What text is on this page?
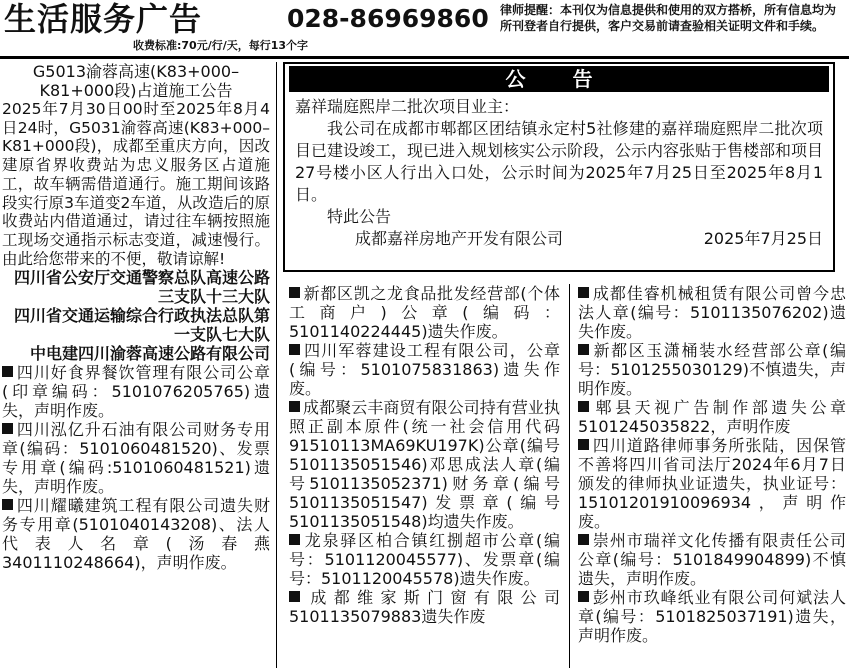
生活服务广告	028-86969860
收费标准:70元/行/天，每行13个字
律师提醒：本刊仅为信息提供和使用的双方搭桥，所有信息均为所刊登者自行提供，客户交易前请查验相关证明文件和手续。
G5013渝蓉高速(K83+000–
K81+000段)占道施工公告
2025年7月30日00时至2025年8月4日24时，G5031渝蓉高速(K83+000–K81+000段)，成都至重庆方向，因改建原省界收费站为忠义服务区占道施工，故车辆需借道通行。施工期间该路段实行原3车道变2车道，从改造后的原收费站内借道通过，请过往车辆按照施工现场交通指示标志变道，减速慢行。由此给您带来的不便，敬请谅解!
四川省公安厅交通警察总队高速公路三支队十三大队
四川省交通运输综合行政执法总队第一支队七大队
中电建四川渝蓉高速公路有限公司
四川好食界餐饮管理有限公司公章(印章编码：5101076205765)遗失，声明作废。
四川泓亿升石油有限公司财务专用章(编码：5101060481520)、发票专用章(编码:5101060481521)遗失，声明作废。
四川耀曦建筑工程有限公司遗失财务专用章(5101040143208)、法人代表人名章(汤春燕3401110248664)，声明作废。
公 告
嘉祥瑞庭熙岸二批次项目业主：
我公司在成都市郫都区团结镇永定村5社修建的嘉祥瑞庭熙岸二批次项目已建设竣工，现已进入规划核实公示阶段，公示内容张贴于售楼部和项目27号楼小区人行出入口处，公示时间为2025年7月25日至2025年8月1日。
特此公告
成都嘉祥房地产开发有限公司	2025年7月25日
新都区凯之龙食品批发经营部(个体工商户)公章(编码：5101140224445)遗失作废。
四川军蓉建设工程有限公司，公章(编号：5101075831863)遗失作废。
成都聚云丰商贸有限公司持有营业执照正副本原件(统一社会信用代码91510113MA69KU197K)公章(编号5101135051546)邓思成法人章(编号5101135052371)财务章(编号5101135051547)发票章(编号5101135051548)均遗失作废。
龙泉驿区柏合镇红捌超市公章(编号：5101120045577)、发票章(编号：5101120045578)遗失作废。
成都维家斯门窗有限公司5101135079883遗失作废
成都佳睿机械租赁有限公司曾今忠法人章(编号：5101135076202)遗失作废。
新都区玉潇桶装水经营部公章(编号：5101255030129)不慎遗失，声明作废。
郫县天视广告制作部遗失公章5101245035822，声明作废
四川道路律师事务所张陆，因保管不善将四川省司法厅2024年6月7日颁发的律师执业证遗失，执业证号：15101201910096934，声明作废。
崇州市瑞祥文化传播有限责任公司公章(编号：5101849904899)不慎遗失，声明作废。
彭州市玖峰纸业有限公司何斌法人章(编号：5101825037191)遗失，声明作废。
